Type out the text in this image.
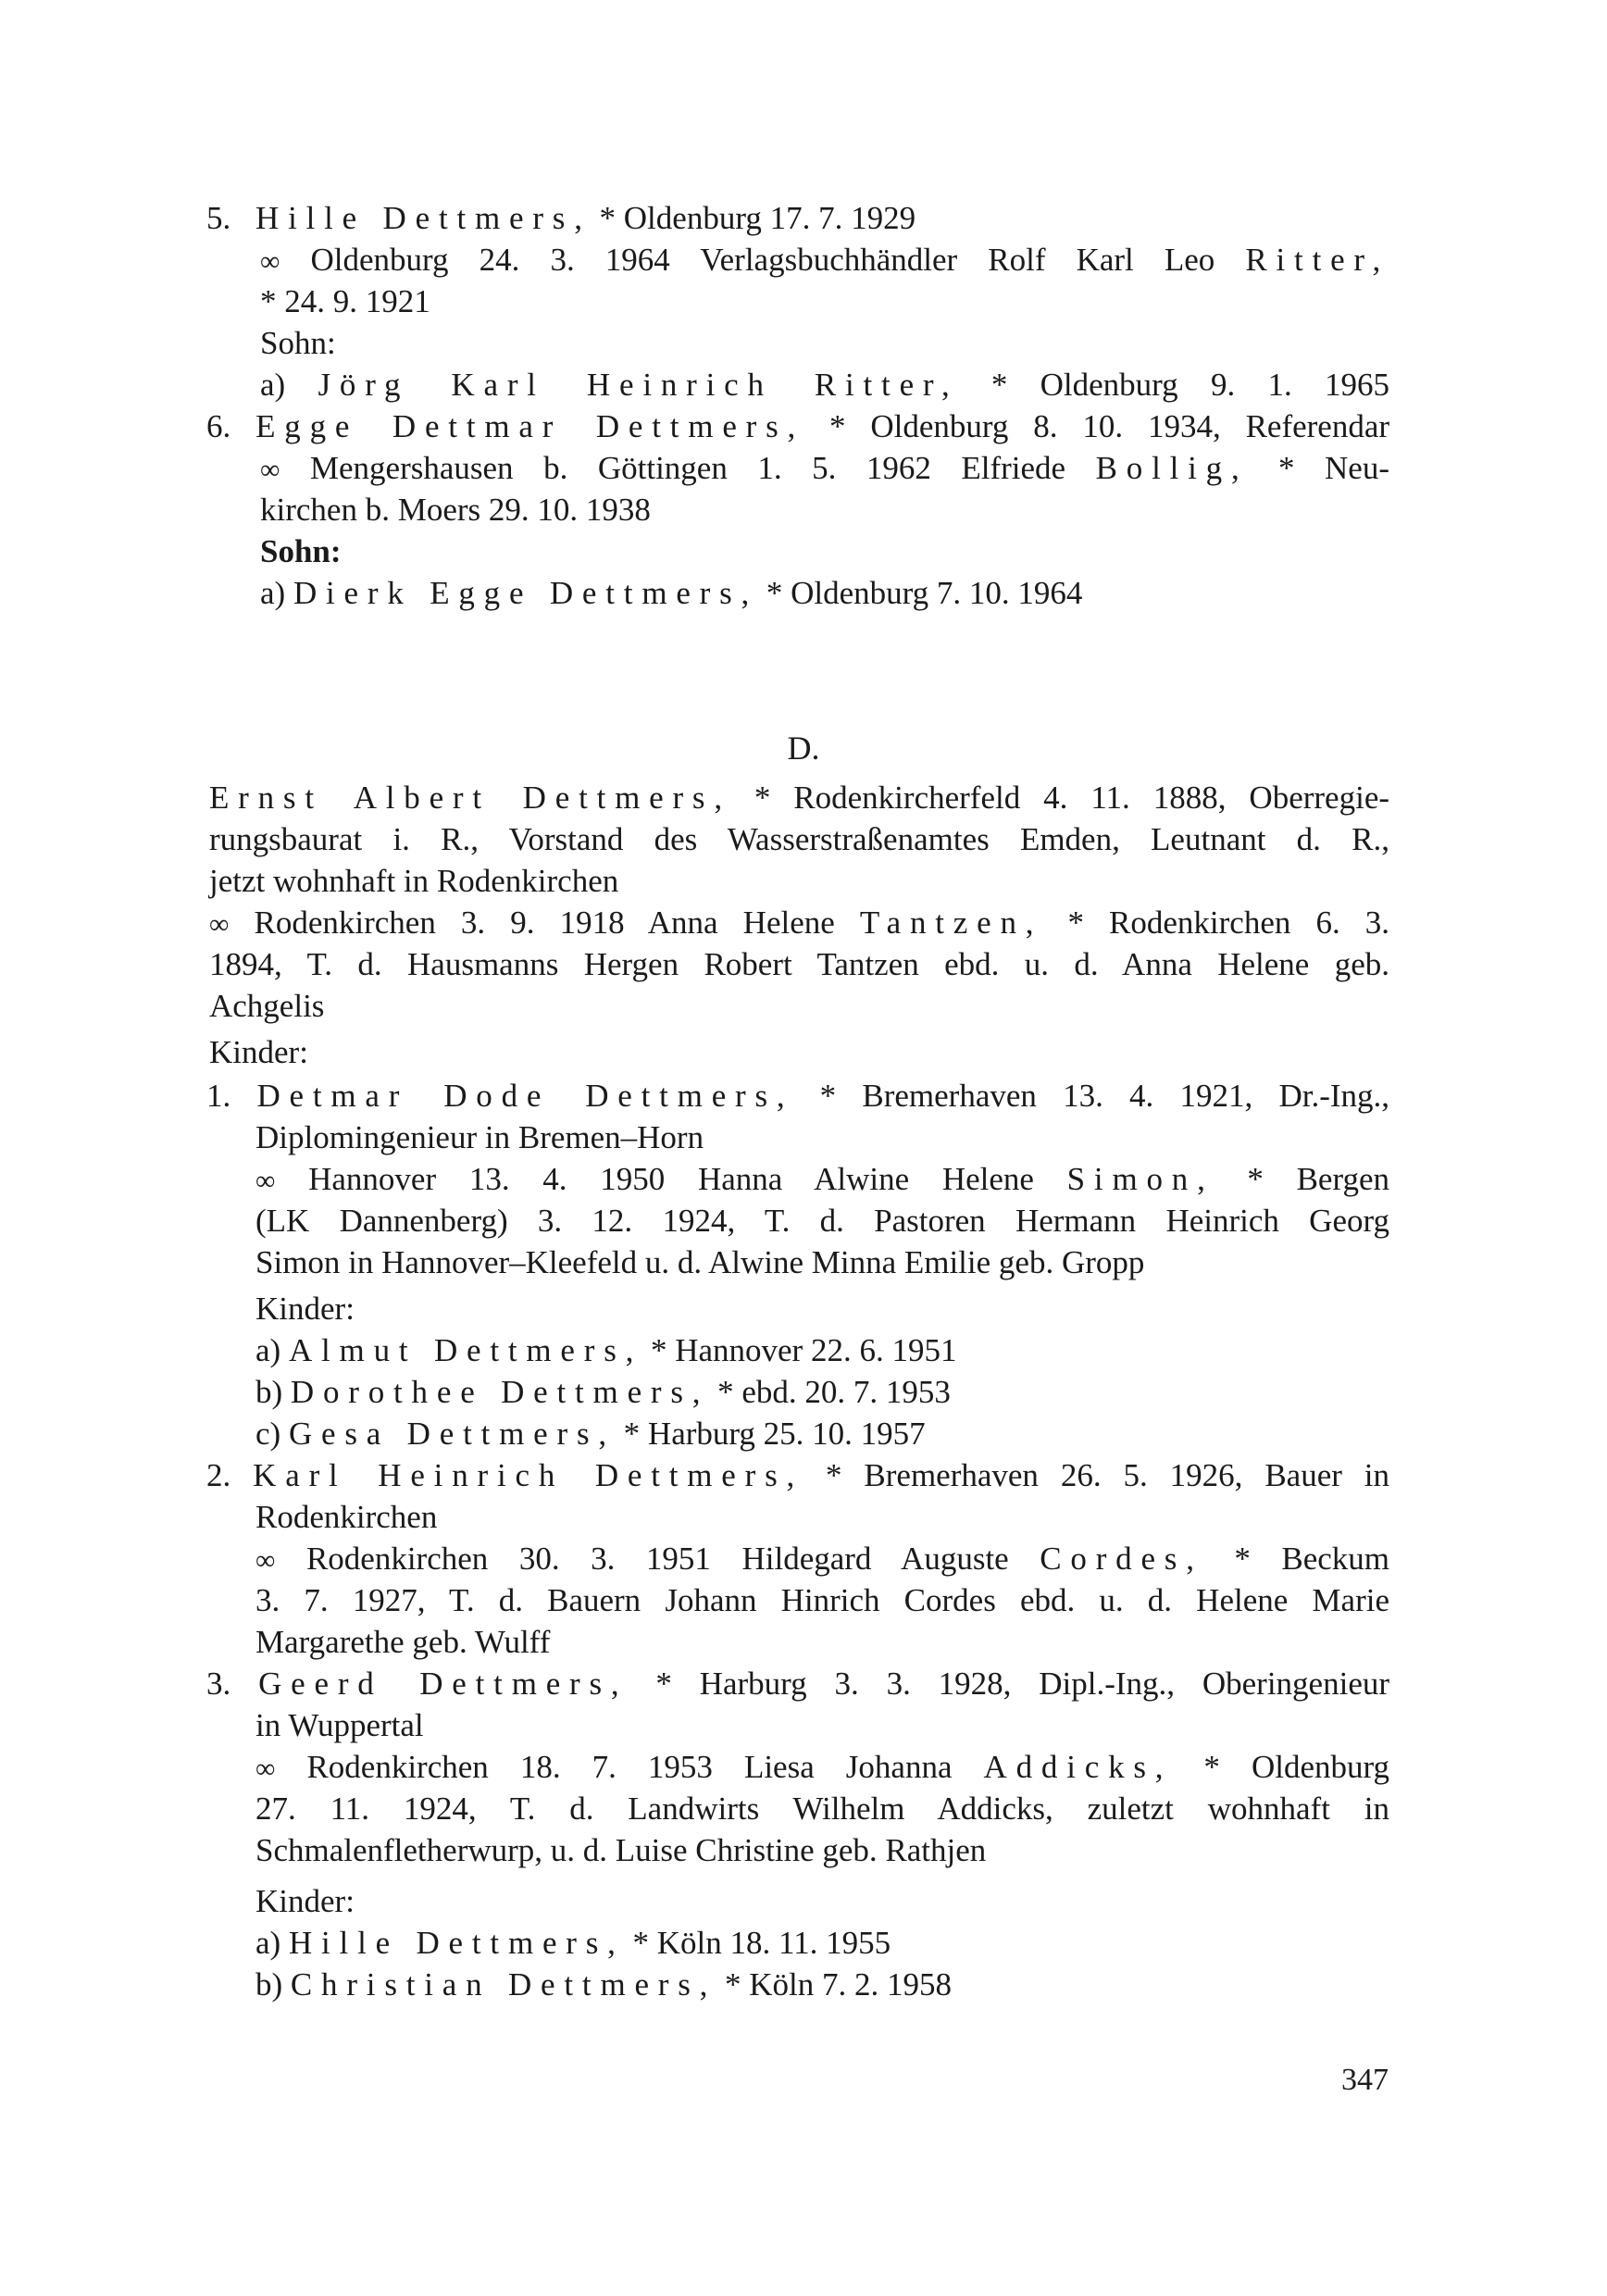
5. Hille Dettmers, * Oldenburg 17. 7. 1929
∞ Oldenburg 24. 3. 1964 Verlagsbuchhändler Rolf Karl Leo Ritter,
* 24. 9. 1921
Sohn:
a) Jörg Karl Heinrich Ritter, * Oldenburg 9. 1. 1965
6. Egge Dettmar Dettmers, * Oldenburg 8. 10. 1934, Referendar
∞ Mengershausen b. Göttingen 1. 5. 1962 Elfriede Bollig, * Neu-
kirchen b. Moers 29. 10. 1938
Sohn:
a) Dierk Egge Dettmers, * Oldenburg 7. 10. 1964
D.
Ernst Albert Dettmers, * Rodenkircherfeld 4. 11. 1888, Oberregie-
rungsbaurat i. R., Vorstand des Wasserstraßenamtes Emden, Leutnant d. R.,
jetzt wohnhaft in Rodenkirchen
∞ Rodenkirchen 3. 9. 1918 Anna Helene Tantzen, * Rodenkirchen 6. 3.
1894, T. d. Hausmanns Hergen Robert Tantzen ebd. u. d. Anna Helene geb.
Achgelis
Kinder:
1. Detmar Dode Dettmers, * Bremerhaven 13. 4. 1921, Dr.-Ing.,
Diplomingenieur in Bremen–Horn
∞ Hannover 13. 4. 1950 Hanna Alwine Helene Simon, * Bergen
(LK Dannenberg) 3. 12. 1924, T. d. Pastoren Hermann Heinrich Georg
Simon in Hannover–Kleefeld u. d. Alwine Minna Emilie geb. Gropp
Kinder:
a) Almut Dettmers, * Hannover 22. 6. 1951
b) Dorothee Dettmers, * ebd. 20. 7. 1953
c) Gesa Dettmers, * Harburg 25. 10. 1957
2. Karl Heinrich Dettmers, * Bremerhaven 26. 5. 1926, Bauer in
Rodenkirchen
∞ Rodenkirchen 30. 3. 1951 Hildegard Auguste Cordes, * Beckum
3. 7. 1927, T. d. Bauern Johann Hinrich Cordes ebd. u. d. Helene Marie
Margarethe geb. Wulff
3. Geerd Dettmers, * Harburg 3. 3. 1928, Dipl.-Ing., Oberingenieur
in Wuppertal
∞ Rodenkirchen 18. 7. 1953 Liesa Johanna Addicks, * Oldenburg
27. 11. 1924, T. d. Landwirts Wilhelm Addicks, zuletzt wohnhaft in
Schmalenfletherwurp, u. d. Luise Christine geb. Rathjen
Kinder:
a) Hille Dettmers, * Köln 18. 11. 1955
b) Christian Dettmers, * Köln 7. 2. 1958
347
